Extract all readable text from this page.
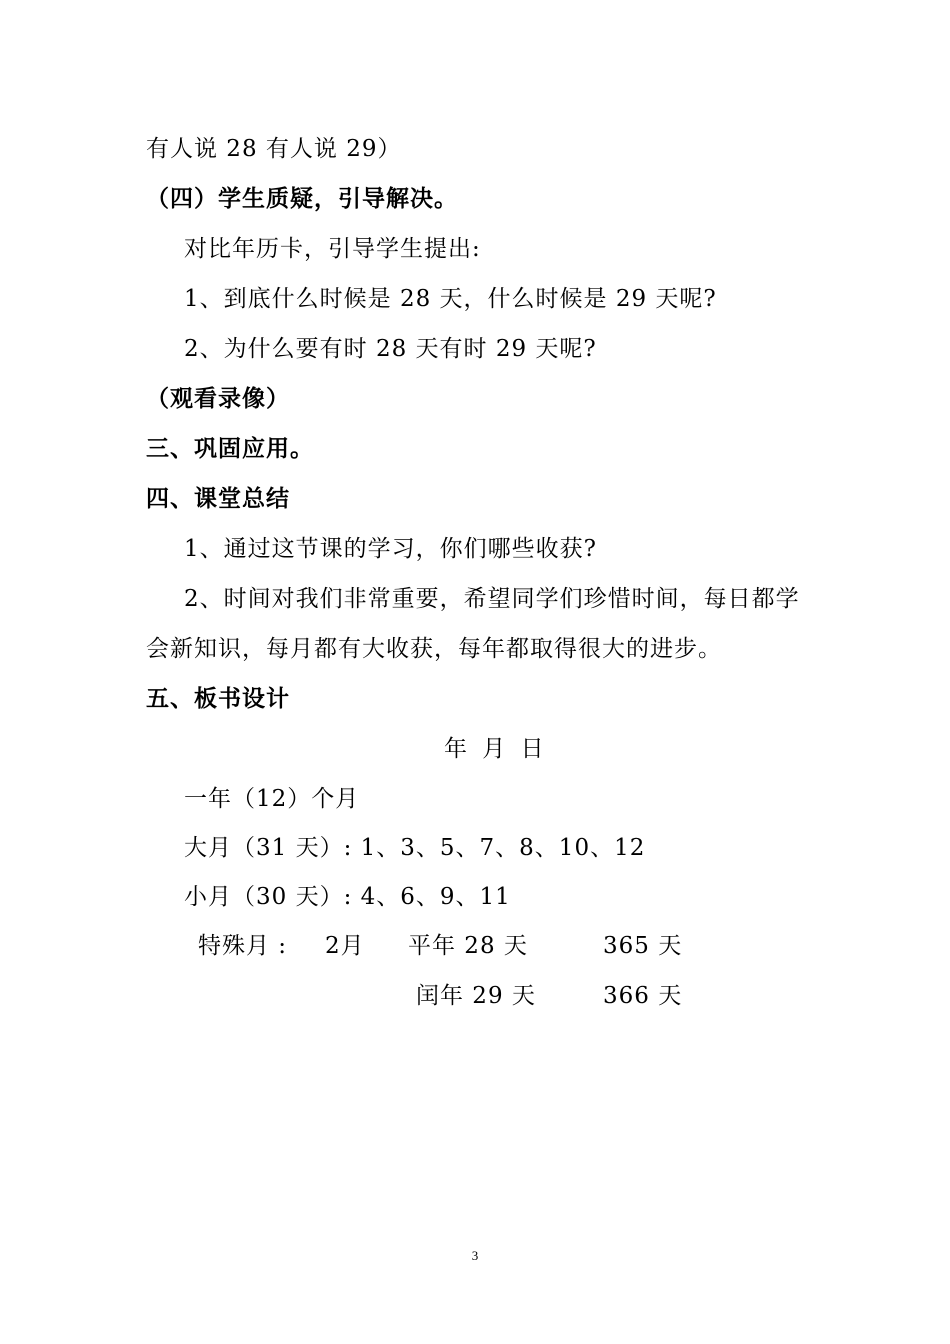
有人说 28 有人说 29）
（四）学生质疑，引导解决。
对比年历卡，引导学生提出:
1、到底什么时候是 28 天，什么时候是 29 天呢?
2、为什么要有时 28 天有时 29 天呢?
（观看录像）
三、巩固应用。
四、课堂总结
1、通过这节课的学习，你们哪些收获?
2、时间对我们非常重要，希望同学们珍惜时间，每日都学
会新知识，每月都有大收获，每年都取得很大的进步。
五、板书设计
年 月 日
一年（12）个月
大月（31 天）: 1、3、5、7、8、10、12
小月（30 天）: 4、6、9、11
特殊月 : 2月 平年 28 天	365 天
闰年 29 天	366 天
3
